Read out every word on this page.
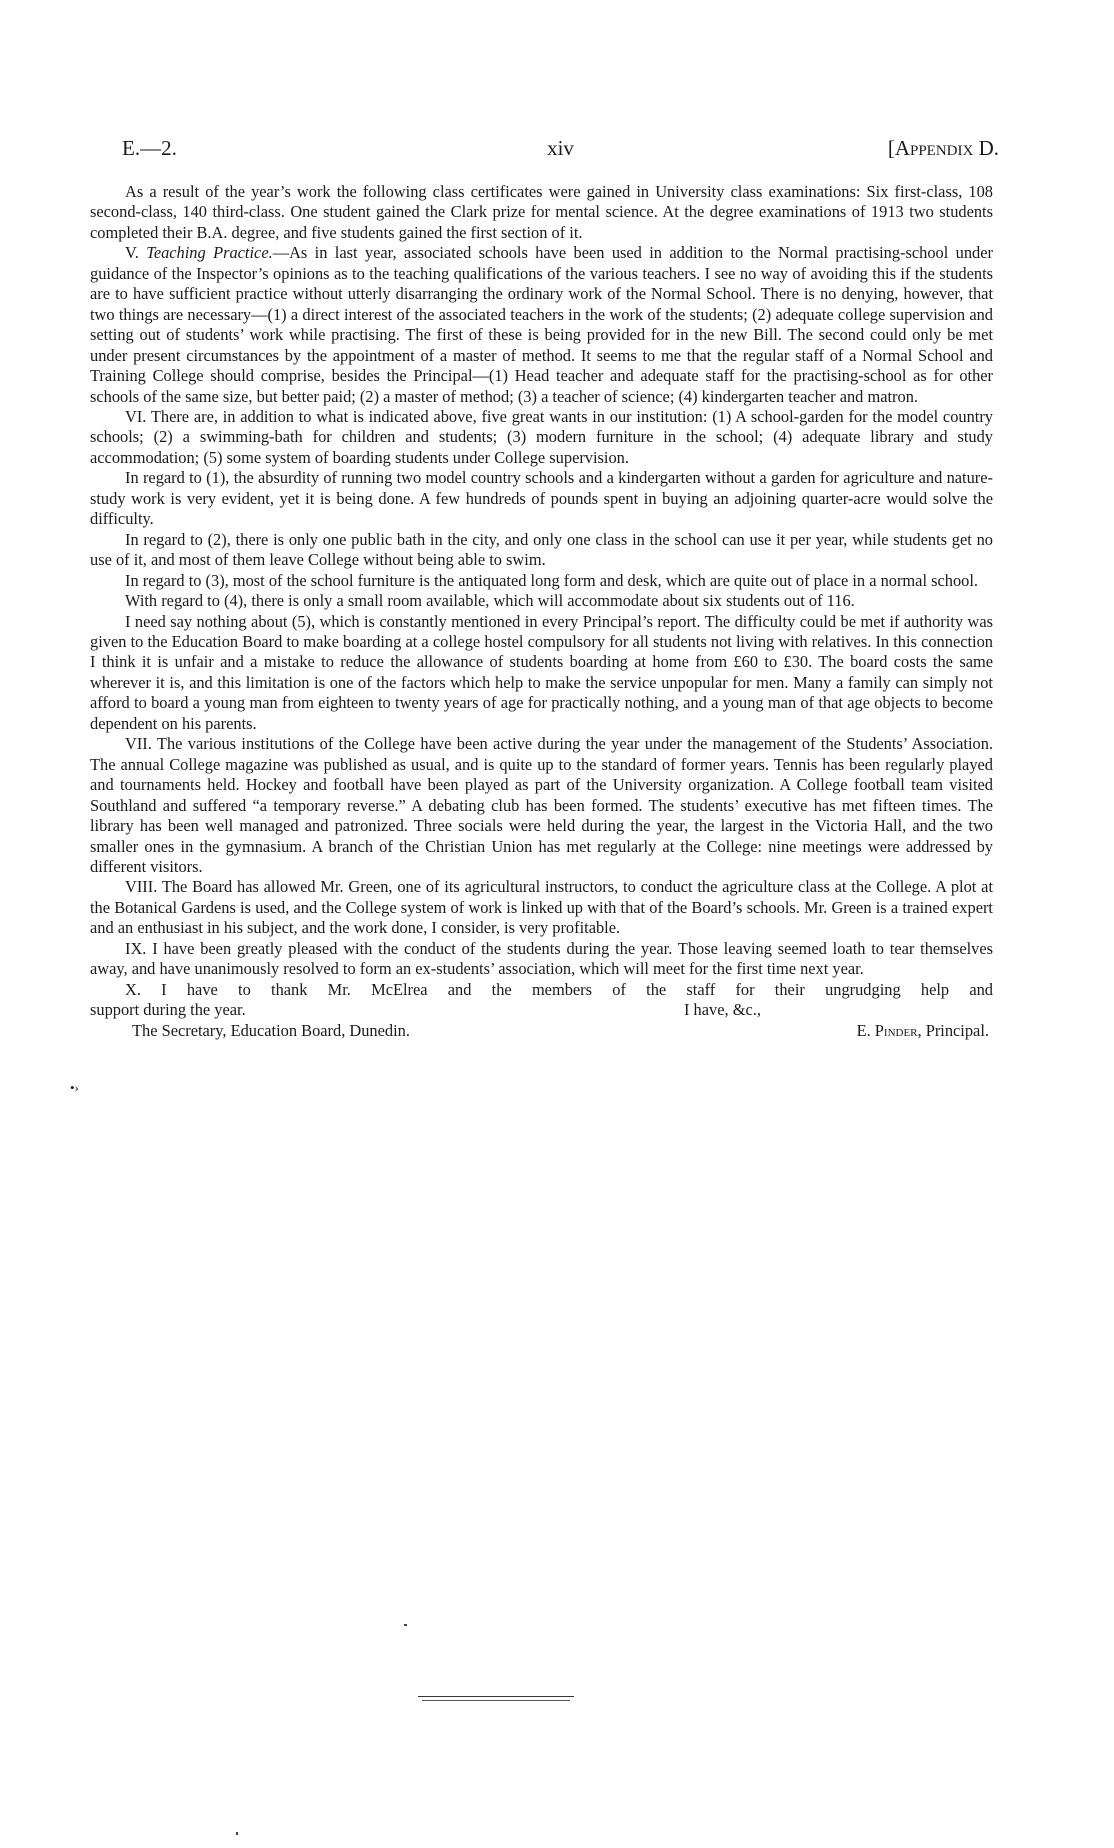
E.—2.	xiv	[Appendix D.

As a result of the year’s work the following class certificates were gained in University class examinations: Six first-class, 108 second-class, 140 third-class. One student gained the Clark prize for mental science. At the degree examinations of 1913 two students completed their B.A. degree, and five students gained the first section of it.

V. Teaching Practice.—As in last year, associated schools have been used in addition to the Normal practising-school under guidance of the Inspector’s opinions as to the teaching qualifications of the various teachers. I see no way of avoiding this if the students are to have sufficient practice without utterly disarranging the ordinary work of the Normal School. There is no denying, however, that two things are necessary—(1) a direct interest of the associated teachers in the work of the students; (2) adequate college supervision and setting out of students’ work while practising. The first of these is being provided for in the new Bill. The second could only be met under present circumstances by the appointment of a master of method. It seems to me that the regular staff of a Normal School and Training College should comprise, besides the Principal—(1) Head teacher and adequate staff for the practising-school as for other schools of the same size, but better paid; (2) a master of method; (3) a teacher of science; (4) kindergarten teacher and matron.

VI. There are, in addition to what is indicated above, five great wants in our institution: (1) A school-garden for the model country schools; (2) a swimming-bath for children and students; (3) modern furniture in the school; (4) adequate library and study accommodation; (5) some system of boarding students under College supervision.

In regard to (1), the absurdity of running two model country schools and a kindergarten without a garden for agriculture and nature-study work is very evident, yet it is being done. A few hundreds of pounds spent in buying an adjoining quarter-acre would solve the difficulty.

In regard to (2), there is only one public bath in the city, and only one class in the school can use it per year, while students get no use of it, and most of them leave College without being able to swim.

In regard to (3), most of the school furniture is the antiquated long form and desk, which are quite out of place in a normal school.

With regard to (4), there is only a small room available, which will accommodate about six students out of 116.

I need say nothing about (5), which is constantly mentioned in every Principal’s report. The difficulty could be met if authority was given to the Education Board to make boarding at a college hostel compulsory for all students not living with relatives. In this connection I think it is unfair and a mistake to reduce the allowance of students boarding at home from £60 to £30. The board costs the same wherever it is, and this limitation is one of the factors which help to make the service unpopular for men. Many a family can simply not afford to board a young man from eighteen to twenty years of age for practically nothing, and a young man of that age objects to become dependent on his parents.

VII. The various institutions of the College have been active during the year under the management of the Students’ Association. The annual College magazine was published as usual, and is quite up to the standard of former years. Tennis has been regularly played and tournaments held. Hockey and football have been played as part of the University organization. A College football team visited Southland and suffered “a temporary reverse.” A debating club has been formed. The students’ executive has met fifteen times. The library has been well managed and patronized. Three socials were held during the year, the largest in the Victoria Hall, and the two smaller ones in the gymnasium. A branch of the Christian Union has met regularly at the College: nine meetings were addressed by different visitors.

VIII. The Board has allowed Mr. Green, one of its agricultural instructors, to conduct the agriculture class at the College. A plot at the Botanical Gardens is used, and the College system of work is linked up with that of the Board’s schools. Mr. Green is a trained expert and an enthusiast in his subject, and the work done, I consider, is very profitable.

IX. I have been greatly pleased with the conduct of the students during the year. Those leaving seemed loath to tear themselves away, and have unanimously resolved to form an ex-students’ association, which will meet for the first time next year.

X. I have to thank Mr. McElrea and the members of the staff for their ungrudging help and

support during the year.	I have, &c.,
The Secretary, Education Board, Dunedin.	E. Pinder, Principal.
•›
